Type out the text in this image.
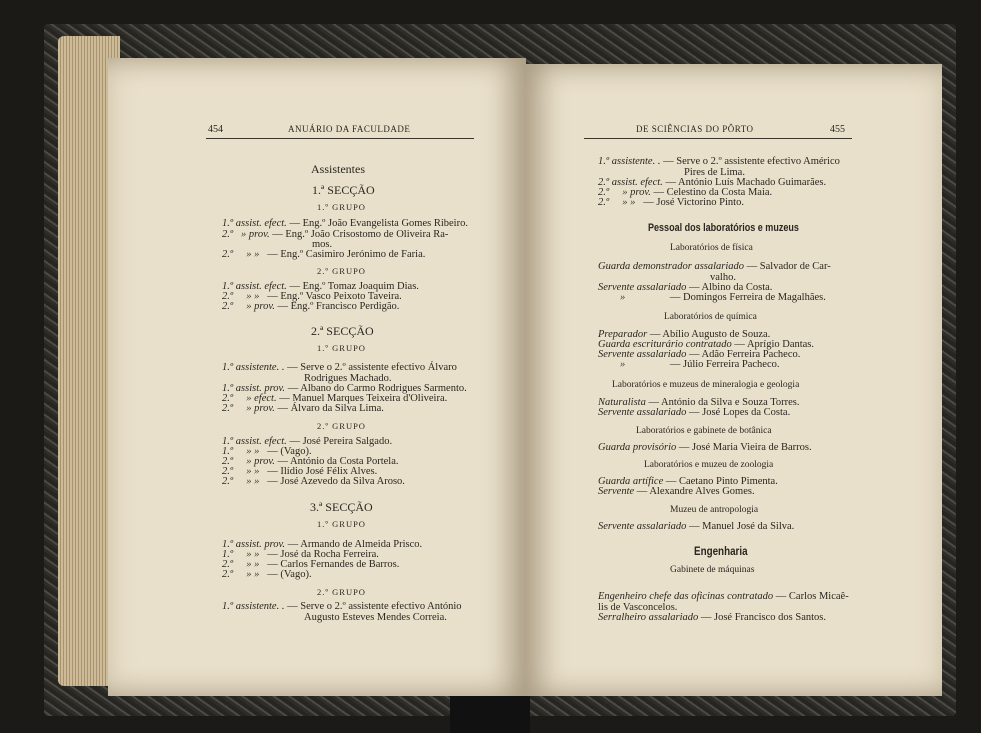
454	ANUÁRIO DA FACULDADE
Assistentes
1.ª SECÇÃO
1.º GRUPO
1.º assist. efect. — Eng.º João Evangelista Gomes Ribeiro.
2.º » prov. — Eng.º João Crisostomo de Oliveira Ra-
mos.
2.º » » — Eng.º Casimiro Jerónimo de Faria.
2.º GRUPO
1.º assist. efect. — Eng.º Tomaz Joaquim Dias.
2.º » » — Eng.º Vasco Peixoto Taveira.
2.º » prov. — Eng.º Francisco Perdigão.
2.ª SECÇÃO
1.º GRUPO
1.º assistente. . — Serve o 2.º assistente efectivo Álvaro
Rodrigues Machado.
1.º assist. prov. — Albano do Carmo Rodrigues Sarmento.
2.º » efect. — Manuel Marques Teixeira d'Oliveira.
2.º » prov. — Álvaro da Silva Lima.
2.º GRUPO
1.º assist. efect. — José Pereira Salgado.
1.º » » — (Vago).
2.º » prov. — António da Costa Portela.
2.º » » — Ilídio José Félix Alves.
2.º » » — José Azevedo da Silva Aroso.
3.ª SECÇÃO
1.º GRUPO
1.º assist. prov. — Armando de Almeida Prisco.
1.º » » — José da Rocha Ferreira.
2.º » » — Carlos Fernandes de Barros.
2.º » » — (Vago).
2.º GRUPO
1.º assistente. . — Serve o 2.º assistente efectivo António
Augusto Esteves Mendes Correia.
DE SCIÊNCIAS DO PÔRTO	455
1.º assistente. . — Serve o 2.º assistente efectivo Américo
Pires de Lima.
2.º assist. efect. — António Luís Machado Guimarães.
2.º » prov. — Celestino da Costa Maia.
2.º » » — José Victorino Pinto.
Pessoal dos laboratórios e muzeus
Laboratórios de física
Guarda demonstrador assalariado — Salvador de Car-
valho.
Servente assalariado — Albino da Costa.
»	— Domingos Ferreira de Magalhães.
Laboratórios de química
Preparador — Abílio Augusto de Souza.
Guarda escriturário contratado — Aprígio Dantas.
Servente assalariado — Adão Ferreira Pacheco.
»	— Júlio Ferreira Pacheco.
Laboratórios e muzeus de mineralogia e geologia
Naturalista — António da Silva e Souza Torres.
Servente assalariado — José Lopes da Costa.
Laboratórios e gabinete de botânica
Guarda provisório — José Maria Vieira de Barros.
Laboratórios e muzeu de zoologia
Guarda artífice — Caetano Pinto Pimenta.
Servente — Alexandre Alves Gomes.
Muzeu de antropologia
Servente assalariado — Manuel José da Silva.
Engenharia
Gabinete de máquinas
Engenheiro chefe das oficinas contratado — Carlos Micaê-
lis de Vasconcelos.
Serralheiro assalariado — José Francisco dos Santos.
